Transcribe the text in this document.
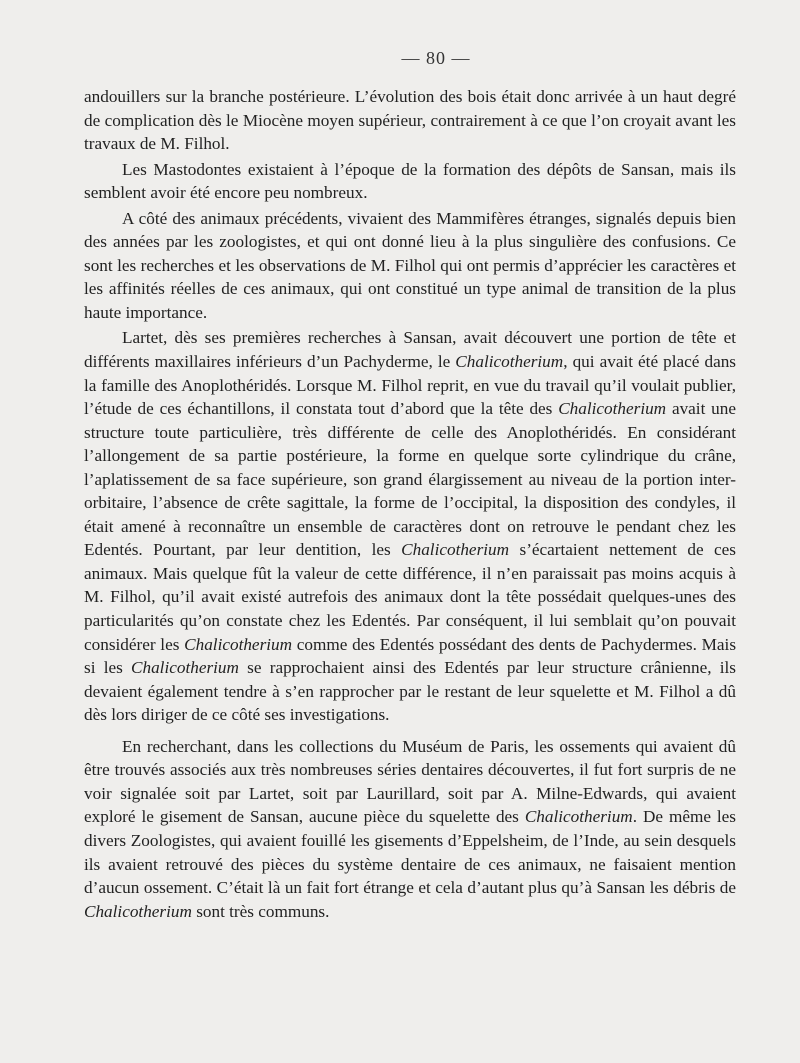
— 80 —

andouillers sur la branche postérieure. L’évolution des bois était donc arrivée à un haut degré de complication dès le Miocène moyen supérieur, contrairement à ce que l’on croyait avant les travaux de M. Filhol.

Les Mastodontes existaient à l’époque de la formation des dépôts de Sansan, mais ils semblent avoir été encore peu nombreux.

A côté des animaux précédents, vivaient des Mammifères étranges, signalés depuis bien des années par les zoologistes, et qui ont donné lieu à la plus singulière des confusions. Ce sont les recherches et les observations de M. Filhol qui ont permis d’apprécier les caractères et les affinités réelles de ces animaux, qui ont constitué un type animal de transition de la plus haute importance.

Lartet, dès ses premières recherches à Sansan, avait découvert une portion de tête et différents maxillaires inférieurs d’un Pachyderme, le Chalicotherium, qui avait été placé dans la famille des Anoplothéridés. Lorsque M. Filhol reprit, en vue du travail qu’il voulait publier, l’étude de ces échantillons, il constata tout d’abord que la tête des Chalicotherium avait une structure toute particulière, très différente de celle des Anoplothéridés. En considérant l’allongement de sa partie postérieure, la forme en quelque sorte cylindrique du crâne, l’aplatissement de sa face supérieure, son grand élargissement au niveau de la portion inter-orbitaire, l’absence de crête sagittale, la forme de l’occipital, la disposition des condyles, il était amené à reconnaître un ensemble de caractères dont on retrouve le pendant chez les Edentés. Pourtant, par leur dentition, les Chalicotherium s’écartaient nettement de ces animaux. Mais quelque fût la valeur de cette différence, il n’en paraissait pas moins acquis à M. Filhol, qu’il avait existé autrefois des animaux dont la tête possédait quelques-unes des particularités qu’on constate chez les Edentés. Par conséquent, il lui semblait qu’on pouvait considérer les Chalicotherium comme des Edentés possédant des dents de Pachydermes. Mais si les Chalicotherium se rapprochaient ainsi des Edentés par leur structure crânienne, ils devaient également tendre à s’en rapprocher par le restant de leur squelette et M. Filhol a dû dès lors diriger de ce côté ses investigations.

En recherchant, dans les collections du Muséum de Paris, les ossements qui avaient dû être trouvés associés aux très nombreuses séries dentaires découvertes, il fut fort surpris de ne voir signalée soit par Lartet, soit par Laurillard, soit par A. Milne-Edwards, qui avaient exploré le gisement de Sansan, aucune pièce du squelette des Chalicotherium. De même les divers Zoologistes, qui avaient fouillé les gisements d’Eppelsheim, de l’Inde, au sein desquels ils avaient retrouvé des pièces du système dentaire de ces animaux, ne faisaient mention d’aucun ossement. C’était là un fait fort étrange et cela d’autant plus qu’à Sansan les débris de Chalicotherium sont très communs.
